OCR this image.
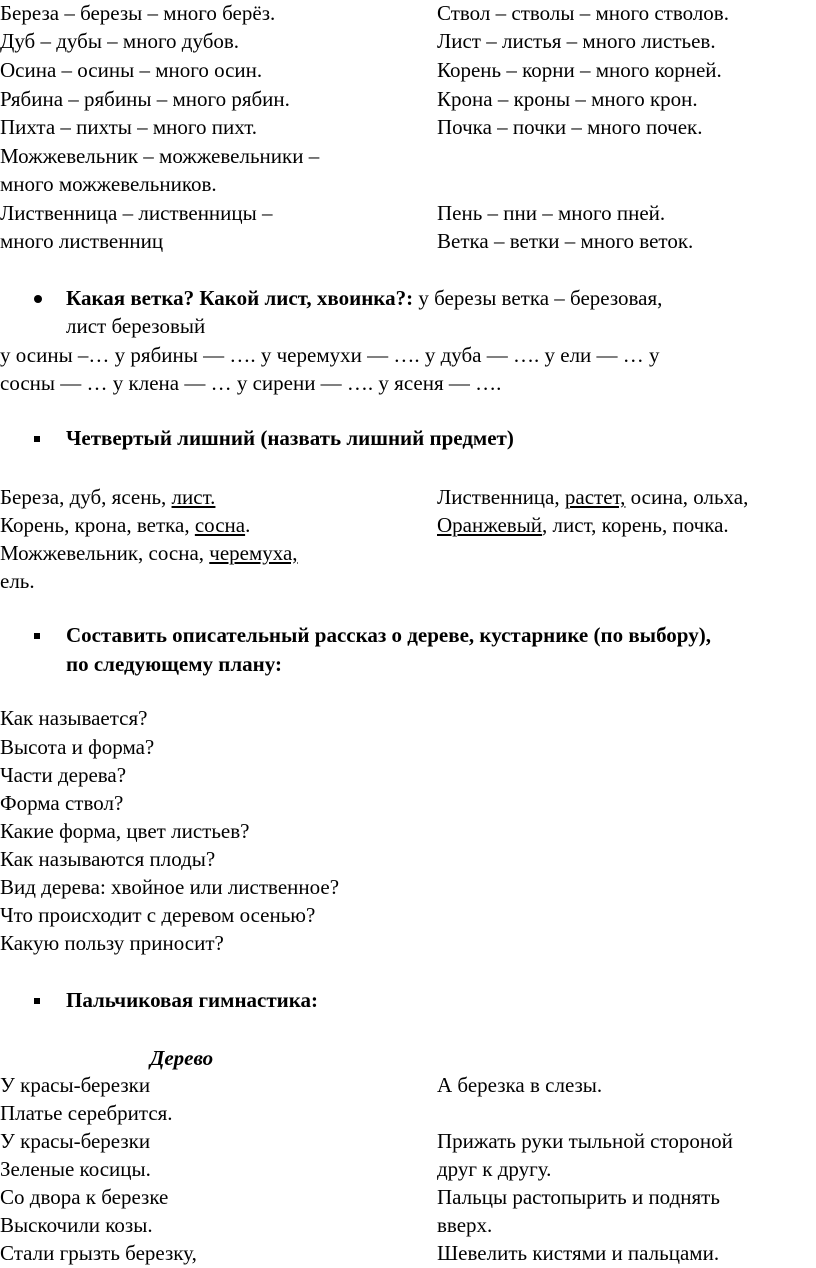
Береза – березы – много берёз.
Дуб – дубы – много дубов.
Осина – осины – много осин.
Рябина – рябины – много рябин.
Пихта – пихты – много пихт.
Можжевельник – можжевельники –
много можжевельников.
Лиственница – лиственницы –
много лиственниц
Ствол – стволы – много стволов.
Лист – листья – много листьев.
Корень – корни – много корней.
Крона – кроны – много крон.
Почка – почки – много почек.
Пень – пни – много пней.
Ветка – ветки – много веток.
Какая ветка? Какой лист, хвоинка?: у березы ветка – березовая,
лист березовый
у осины –… у рябины — …. у черемухи — …. у дуба — …. у ели — … у
сосны — … у клена — … у сирени — …. у ясеня — ….
Четвертый лишний (назвать лишний предмет)
Береза, дуб, ясень, лист.
Корень, крона, ветка, сосна.
Можжевельник, сосна, черемуха,
ель.
Лиственница, растет, осина, ольха,
Оранжевый, лист, корень, почка.
Составить описательный рассказ о дереве, кустарнике (по выбору),
по следующему плану:
Как называется?
Высота и форма?
Части дерева?
Форма ствол?
Какие форма, цвет листьев?
Как называются плоды?
Вид дерева: хвойное или лиственное?
Что происходит с деревом осенью?
Какую пользу приносит?
Пальчиковая гимнастика:
Дерево
У красы-березки
Платье серебрится.
У красы-березки
Зеленые косицы.
Со двора к березке
Выскочили козы.
Стали грызть березку,
А березка в слезы.
Прижать руки тыльной стороной
друг к другу.
Пальцы растопырить и поднять
вверх.
Шевелить кистями и пальцами.
